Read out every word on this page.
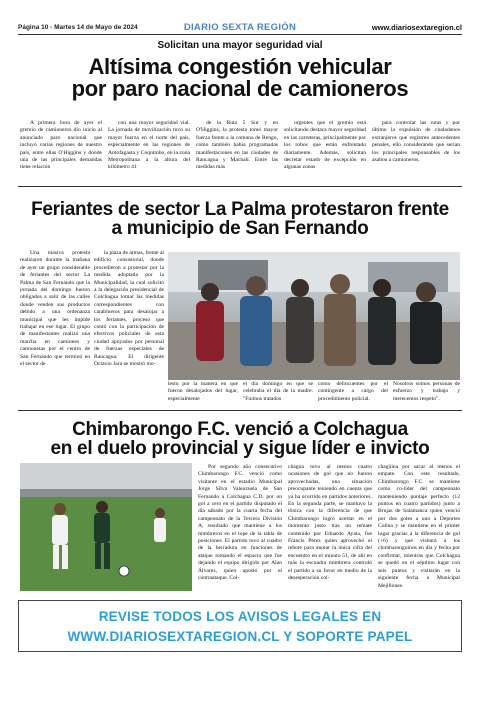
Página 10 - Martes 14 de Mayo de 2024	DIARIO SEXTA REGIÓN	www.diariosextaregion.cl
Solicitan una mayor seguridad vial
Altísima congestión vehicular
por paro nacional de camioneros

A primera hora de ayer el gremio de camioneros dio inicio al anunciado paro nacional que incluyó varias regiones de nuestro país, entre ellas O'Higgins y donde una de las principales demandas tiene relación

con una mayor seguridad vial. La jornada de movilización tuvo su mayor fuerza en el norte del país, especialmente en las regiones de Antofagasta y Coquimbo, en la zona Metropolitana a la altura del kilómetro 41

de la Ruta 5 Sur y en O'Higgins, la protesta tomó mayor fuerza frente a la comuna de Rengo, como también había programadas manifestaciones en las ciudades de Rancagua y Machalí. Entre las medidas más

urgentes que el gremio está solicitando destaca mayor seguridad en las carreteras, principalmente por los robos que están enfrentado diariamente. Además, solicitan decretar estado de excepción en algunas zonas

para controlar las rutas y por último la expulsión de ciudadanos extranjeros que registren antecedentes penales, ello considerando que serían los principales responsables de los asaltos a camioneros.

Feriantes de sector La Palma protestaron frente
a municipio de San Fernando

Una masiva protesta realizaron durante la mañana de ayer un grupo considerable de feriantes del sector La Palma de San Fernando que la jornada del domingo fueron obligados a salir de las calles donde venden sus productos debido a una ordenanza municipal que les impide trabajar en ese lugar. El grupo de manifestantes realizó una marcha en camiones y camionetas por el centro de San Fernando que terminó en el sector de

la plaza de armas, frente al edificio consistorial, donde procedieron a protestar por la medida adoptada por la Municipalidad, la cual solicitó a la delegación presidencial de Colchagua tomar las medidas correspondientes con carabineros para desalojar a los feriantes, proceso que contó con la participación de efectivos policiales de esta ciudad apoyados por personal de fuerzas especiales de Rancagua. El dirigente Octavio Jara se mostró mo-

lesto por la manera en que fueron desalojados del lugar, especialmente

el día domingo en que se celebraba el día de la madre. "Fuimos tratados

como delincuentes por el contingente a cargo del procedimiento policial.

Nosotros somos personas de esfuerzo y trabajo y merecemos respeto".

Chimbarongo F.C. venció a Colchagua
en el duelo provincial y sigue líder e invicto

Por segundo año consecutivo Chimbarongo F.C. venció como visitante en el estadio Municipal Jorge Silva Valenzuela de San Fernando a Colchagua C.D. por un gol a cero en el partido disputado el día sábado por la cuarta fecha del campeonato de la Tercera División A, resultado que mantiene a los mimbreros en el tope de la tabla de posiciones. El partido tuvo al cuadro de la herradura en funciones de ataque tomando el espacio que fue dejando el equipo dirigido por Alan Álvarez, quien apostó por el contraataque. Col-

chagua tuvo al menos cuatro ocasiones de gol que no fueron aprovechadas, una situación preocupante teniendo en cuenta que ya ha ocurrido en partidos anteriores. En la segunda parte, se mantuvo la tónica con la diferencia de que Chimbarongo logró acertar en el momento justo tras un remate contenido por Eduardo Ayala, fue Francis Pérez quien aprovechó el rebote para anotar la única cifra del encuentro en el minuto 51, de ahí en más la escuadra mimbrera controló el partido a su favor en medio de la desesperación col-

chagüina por sacar al menos el empate. Con este resultado, Chimbarongo F.C. se mantiene como co-líder del campeonato manteniendo puntaje perfecto (12 puntos en cuatro partidos) junto a Brujas de Salamanca quien venció por dos goles a uno a Deportes Colina y se mantiene en el primer lugar gracias a la diferencia de gol (+6) y que visitará a los chimbaronguinos en día y fecha por confirmar, mientras que Colchagua se quedó en el séptimo lugar con seis puntos y visitarán en la siguiente fecha a Municipal Mejillones.

REVISE TODOS LOS AVISOS LEGALES EN
WWW.DIARIOSEXTAREGION.CL Y SOPORTE PAPEL
